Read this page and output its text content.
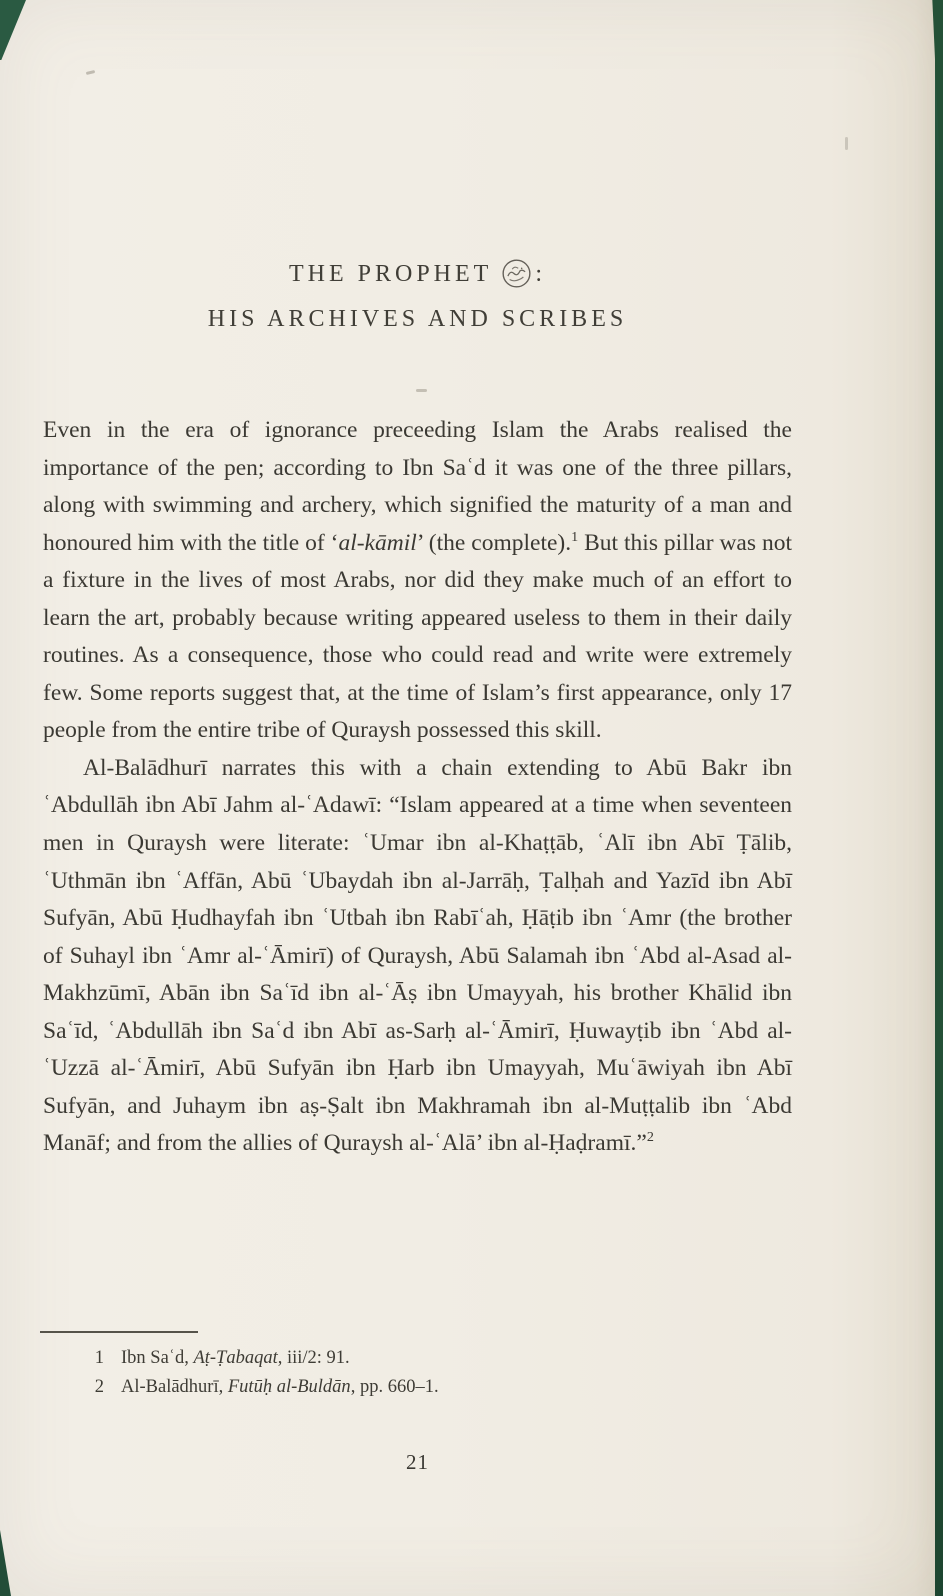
THE PROPHET :
HIS ARCHIVES AND SCRIBES

Even in the era of ignorance preceeding Islam the Arabs realised the importance of the pen; according to Ibn Saʿd it was one of the three pillars, along with swimming and archery, which signified the maturity of a man and honoured him with the title of ‘al-kāmil’ (the complete).$^1$ But this pillar was not a fixture in the lives of most Arabs, nor did they make much of an effort to learn the art, probably because writing appeared useless to them in their daily routines. As a consequence, those who could read and write were extremely few. Some reports suggest that, at the time of Islam’s first appearance, only 17 people from the entire tribe of Quraysh possessed this skill.

Al-Balādhurī narrates this with a chain extending to Abū Bakr ibn ʿAbdullāh ibn Abī Jahm al-ʿAdawī: “Islam appeared at a time when seventeen men in Quraysh were literate: ʿUmar ibn al-Khaṭṭāb, ʿAlī ibn Abī Ṭālib, ʿUthmān ibn ʿAffān, Abū ʿUbaydah ibn al-Jarrāḥ, Ṭalḥah and Yazīd ibn Abī Sufyān, Abū Ḥudhayfah ibn ʿUtbah ibn Rabīʿah, Ḥāṭib ibn ʿAmr (the brother of Suhayl ibn ʿAmr al-ʿĀmirī) of Quraysh, Abū Salamah ibn ʿAbd al-Asad al-Makhzūmī, Abān ibn Saʿīd ibn al-ʿĀṣ ibn Umayyah, his brother Khālid ibn Saʿīd, ʿAbdullāh ibn Saʿd ibn Abī as-Sarḥ al-ʿĀmirī, Ḥuwayṭib ibn ʿAbd al-ʿUzzā al-ʿĀmirī, Abū Sufyān ibn Ḥarb ibn Umayyah, Muʿāwiyah ibn Abī Sufyān, and Juhaym ibn aṣ-Ṣalt ibn Makhramah ibn al-Muṭṭalib ibn ʿAbd Manāf; and from the allies of Quraysh al-ʿAlā’ ibn al-Ḥaḍramī.”$^2$

1 Ibn Saʿd, Aṭ-Ṭabaqat, iii/2: 91.
2 Al-Balādhurī, Futūḥ al-Buldān, pp. 660–1.
21
